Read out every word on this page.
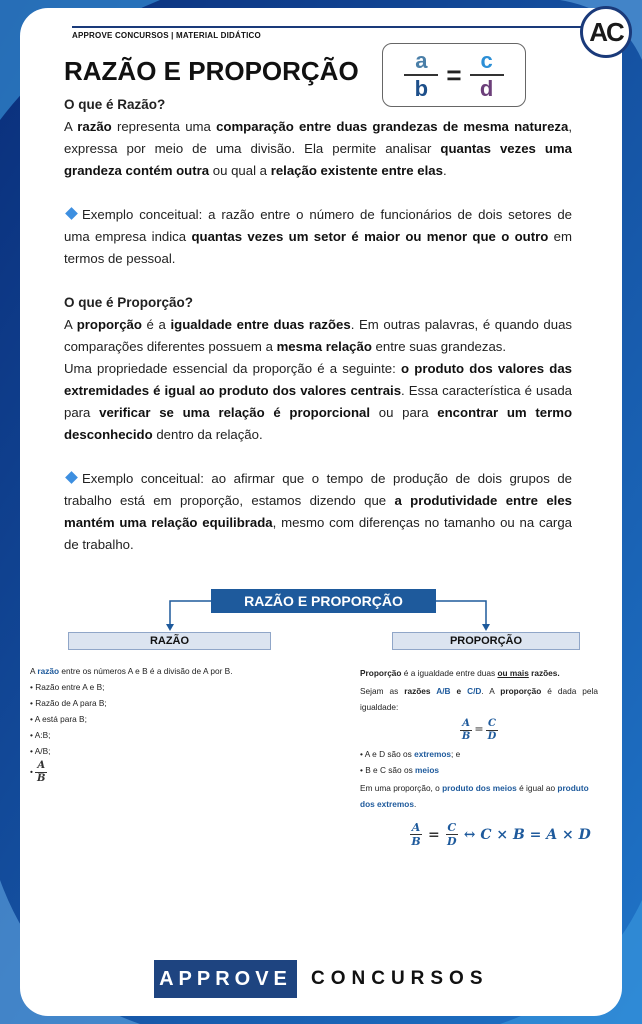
APPROVE CONCURSOS | MATERIAL DIDÁTICO	AC
RAZÃO E PROPORÇÃO $\frac{a}{b} = \frac{c}{d}$
O que é Razão?

A razão representa uma comparação entre duas grandezas de mesma natureza, expressa por meio de uma divisão. Ela permite analisar quantas vezes uma grandeza contém outra ou qual a relação existente entre elas.

Exemplo conceitual: a razão entre o número de funcionários de dois setores de uma empresa indica quantas vezes um setor é maior ou menor que o outro em termos de pessoal.

O que é Proporção?

A proporção é a igualdade entre duas razões. Em outras palavras, é quando duas comparações diferentes possuem a mesma relação entre suas grandezas.

Uma propriedade essencial da proporção é a seguinte: o produto dos valores das extremidades é igual ao produto dos valores centrais. Essa característica é usada para verificar se uma relação é proporcional ou para encontrar um termo desconhecido dentro da relação.

Exemplo conceitual: ao afirmar que o tempo de produção de dois grupos de trabalho está em proporção, estamos dizendo que a produtividade entre eles mantém uma relação equilibrada, mesmo com diferenças no tamanho ou na carga de trabalho.

RAZÃO E PROPORÇÃO
RAZÃO	PROPORÇÃO
A razão entre os números A e B é a divisão de A por B.
• Razão entre A e B;
• Razão de A para B;
• A está para B;
• A:B;
• A/B;
• $\frac{A}{B}$
Proporção é a igualdade entre duas ou mais razões.
Sejam as razões A/B e C/D. A proporção é dada pela igualdade:
$\frac{A}{B} = \frac{C}{D}$
• A e D são os extremos; e
• B e C são os meios
Em uma proporção, o produto dos meios é igual ao produto dos extremos.
A
B = C
D ↔ C × B = A × D
APPROVE CONCURSOS
